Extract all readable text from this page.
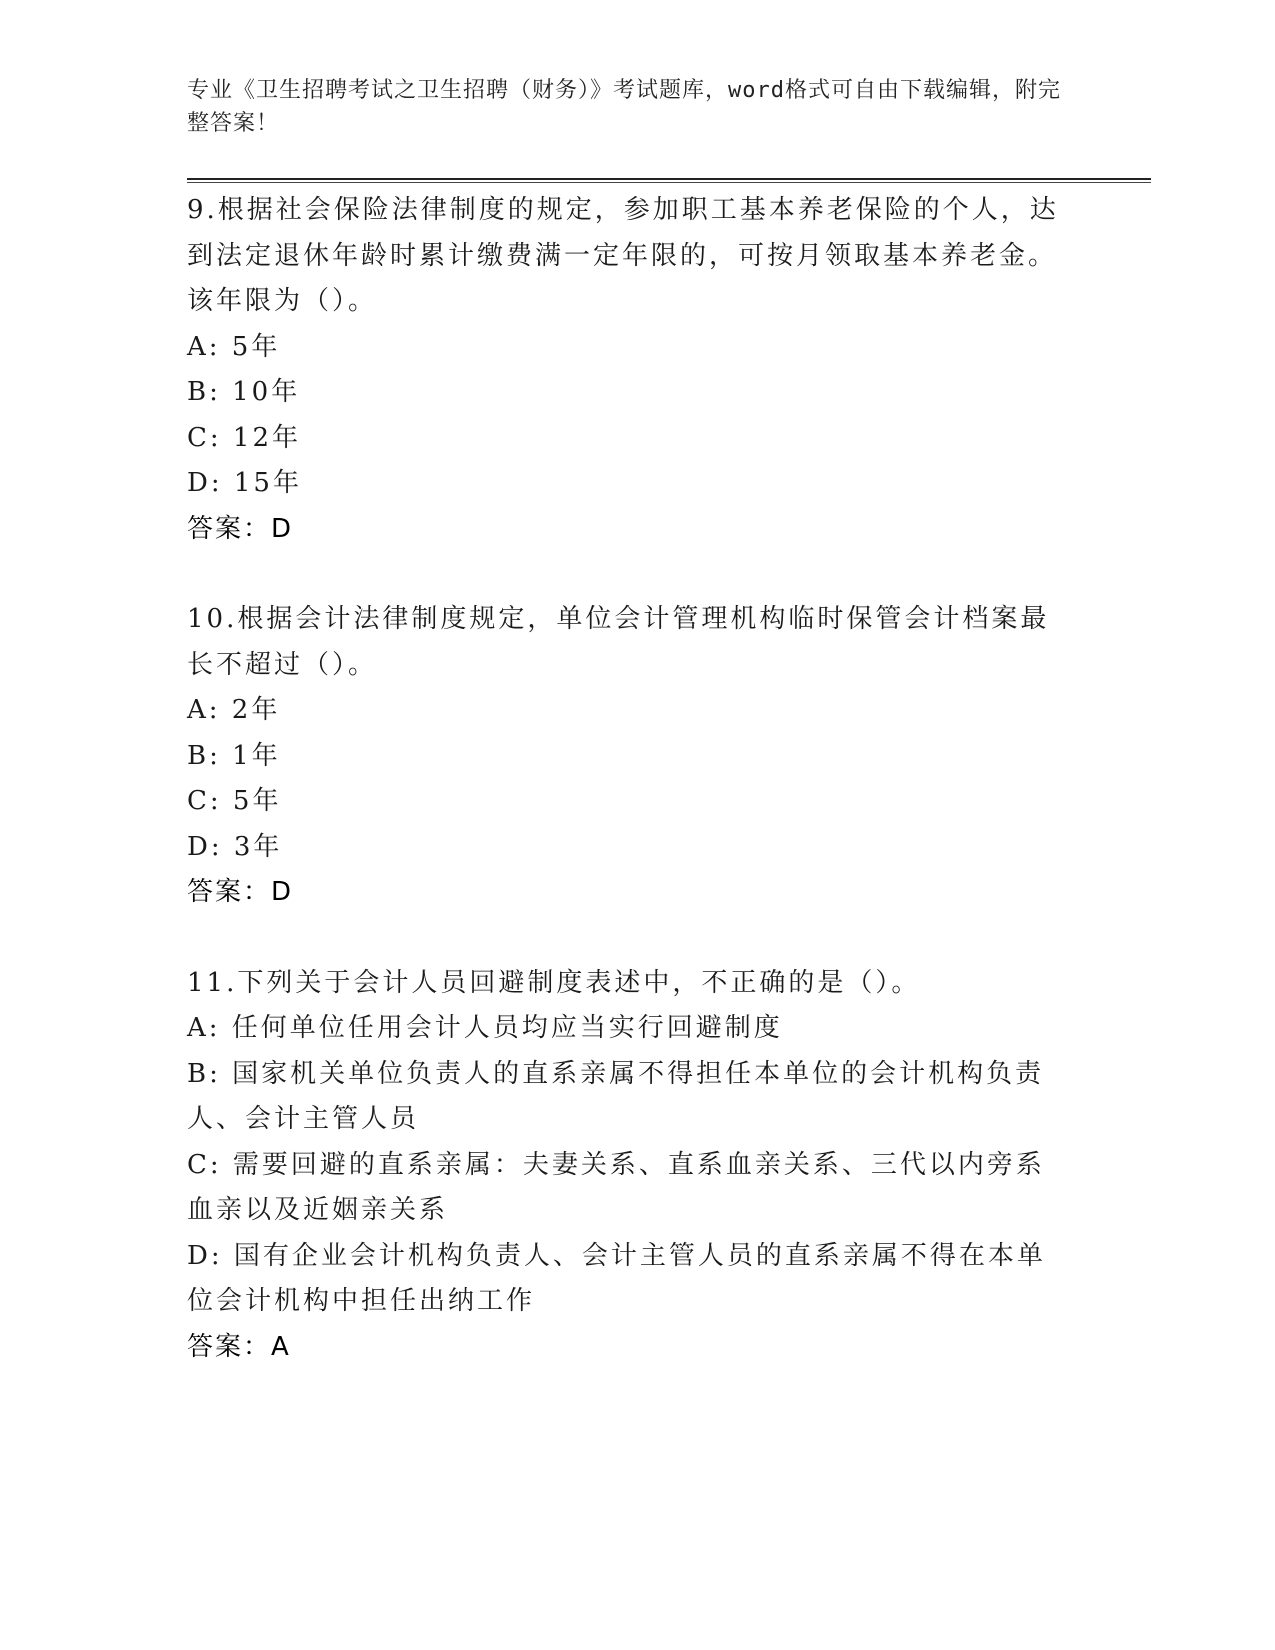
专业《卫生招聘考试之卫生招聘（财务）》考试题库，word格式可自由下载编辑，附完整答案！

9.根据社会保险法律制度的规定，参加职工基本养老保险的个人，达到法定退休年龄时累计缴费满一定年限的，可按月领取基本养老金。该年限为（）。

A: 5年

B: 10年

C: 12年

D: 15年

答案：D

10.根据会计法律制度规定，单位会计管理机构临时保管会计档案最长不超过（）。

A: 2年

B: 1年

C: 5年

D: 3年

答案：D

11.下列关于会计人员回避制度表述中，不正确的是（）。

A: 任何单位任用会计人员均应当实行回避制度

B: 国家机关单位负责人的直系亲属不得担任本单位的会计机构负责人、会计主管人员

C: 需要回避的直系亲属：夫妻关系、直系血亲关系、三代以内旁系血亲以及近姻亲关系

D: 国有企业会计机构负责人、会计主管人员的直系亲属不得在本单位会计机构中担任出纳工作

答案：A
